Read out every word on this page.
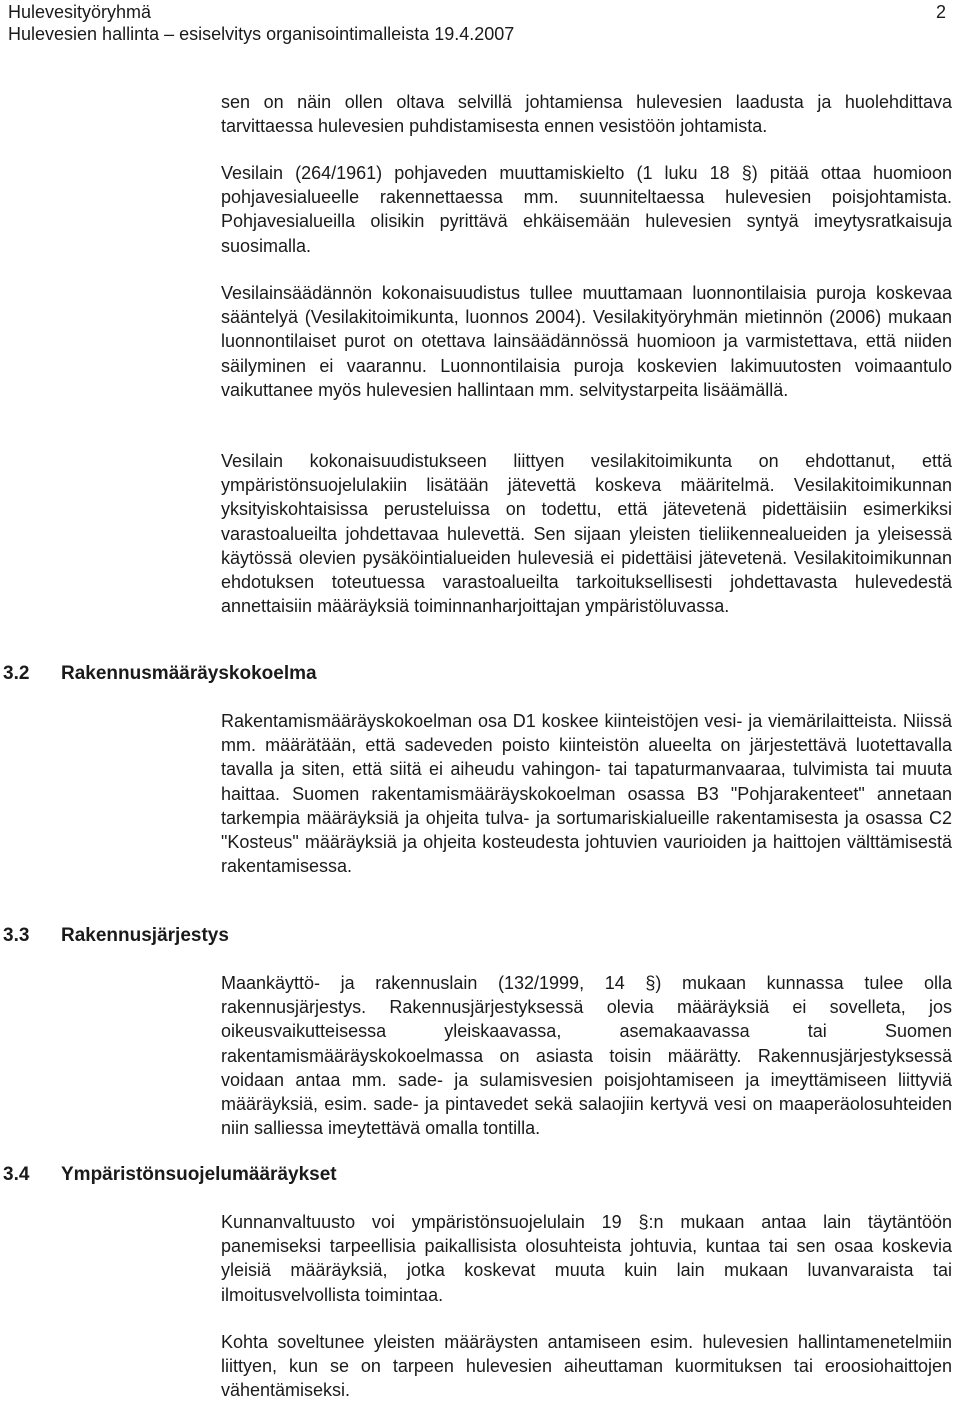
Hulevesityöryhmä
Hulevesien hallinta – esiselvitys organisointimalleista 19.4.2007
2

sen on näin ollen oltava selvillä johtamiensa hulevesien laadusta ja huolehdittava tarvittaessa hulevesien puhdistamisesta ennen vesistöön johtamista.

Vesilain (264/1961) pohjaveden muuttamiskielto (1 luku 18 §) pitää ottaa huomioon pohjavesialueelle rakennettaessa mm. suunniteltaessa hulevesien poisjohtamista. Pohjavesialueilla olisikin pyrittävä ehkäisemään hulevesien syntyä imeytysratkaisuja suosimalla.

Vesilainsäädännön kokonaisuudistus tullee muuttamaan luonnontilaisia puroja koskevaa sääntelyä (Vesilakitoimikunta, luonnos 2004). Vesilakityöryhmän mietinnön (2006) mukaan luonnontilaiset purot on otettava lainsäädännössä huomioon ja varmistettava, että niiden säilyminen ei vaarannu. Luonnontilaisia puroja koskevien lakimuutosten voimaantulo vaikuttanee myös hulevesien hallintaan mm. selvitystarpeita lisäämällä.

Vesilain kokonaisuudistukseen liittyen vesilakitoimikunta on ehdottanut, että ympäristönsuojelulakiin lisätään jätevettä koskeva määritelmä. Vesilakitoimikunnan yksityiskohtaisissa perusteluissa on todettu, että jätevetenä pidettäisiin esimerkiksi varastoalueilta johdettavaa hulevettä. Sen sijaan yleisten tieliikennealueiden ja yleisessä käytössä olevien pysäköintialueiden hulevesiä ei pidettäisi jätevetenä. Vesilakitoimikunnan ehdotuksen toteutuessa varastoalueilta tarkoituksellisesti johdettavasta hulevedestä annettaisiin määräyksiä toiminnanharjoittajan ympäristöluvassa.

3.2 Rakennusmääräyskokoelma

Rakentamismääräyskokoelman osa D1 koskee kiinteistöjen vesi- ja viemärilaitteista. Niissä mm. määrätään, että sadeveden poisto kiinteistön alueelta on järjestettävä luotettavalla tavalla ja siten, että siitä ei aiheudu vahingon- tai tapaturmanvaaraa, tulvimista tai muuta haittaa. Suomen rakentamismääräyskokoelman osassa B3 "Pohjarakenteet" annetaan tarkempia määräyksiä ja ohjeita tulva- ja sortumariskialueille rakentamisesta ja osassa C2 "Kosteus" määräyksiä ja ohjeita kosteudesta johtuvien vaurioiden ja haittojen välttämisestä rakentamisessa.

3.3 Rakennusjärjestys

Maankäyttö- ja rakennuslain (132/1999, 14 §) mukaan kunnassa tulee olla rakennusjärjestys. Rakennusjärjestyksessä olevia määräyksiä ei sovelleta, jos oikeusvaikutteisessa yleiskaavassa, asemakaavassa tai Suomen rakentamismääräyskokoelmassa on asiasta toisin määrätty. Rakennusjärjestyksessä voidaan antaa mm. sade- ja sulamisvesien poisjohtamiseen ja imeyttämiseen liittyviä määräyksiä, esim. sade- ja pintavedet sekä salaojiin kertyvä vesi on maaperäolosuhteiden niin salliessa imeytettävä omalla tontilla.

3.4 Ympäristönsuojelumääräykset

Kunnanvaltuusto voi ympäristönsuojelulain 19 §:n mukaan antaa lain täytäntöön panemiseksi tarpeellisia paikallisista olosuhteista johtuvia, kuntaa tai sen osaa koskevia yleisiä määräyksiä, jotka koskevat muuta kuin lain mukaan luvanvaraista tai ilmoitusvelvollista toimintaa.

Kohta soveltunee yleisten määräysten antamiseen esim. hulevesien hallintamenetelmiin liittyen, kun se on tarpeen hulevesien aiheuttaman kuormituksen tai eroosiohaittojen vähentämiseksi.
